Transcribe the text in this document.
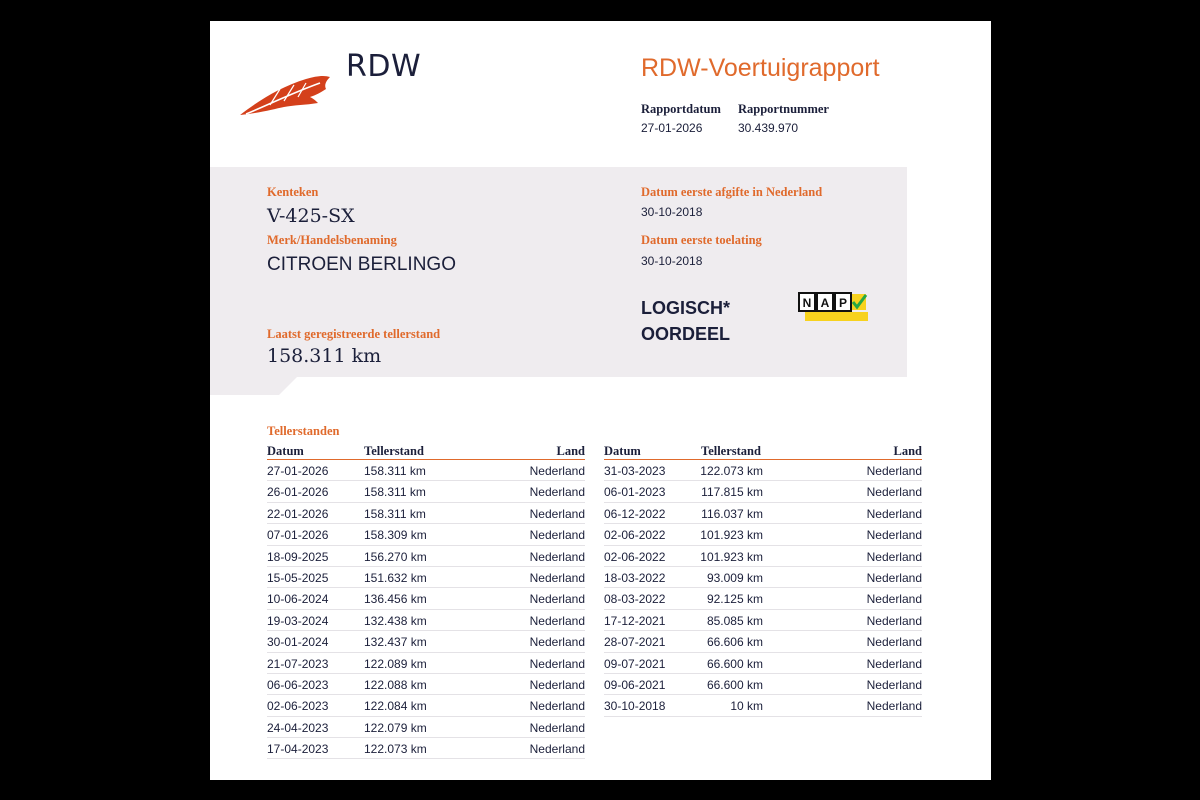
RDW	RDW-Voertuigrapport
Rapportdatum Rapportnummer
27-01-2026	30.439.970
Kenteken
V-425-SX
Merk/Handelsbenaming
CITROEN BERLINGO
Laatst geregistreerde tellerstand
158.311 km
Datum eerste afgifte in Nederland
30-10-2018
Datum eerste toelating
30-10-2018
LOGISCH*
OORDEEL
N A P
Tellerstanden
Datum	Tellerstand	Land
27-01-2026	158.311 km	Nederland
26-01-2026	158.311 km	Nederland
22-01-2026	158.311 km	Nederland
07-01-2026	158.309 km	Nederland
18-09-2025	156.270 km	Nederland
15-05-2025	151.632 km	Nederland
10-06-2024	136.456 km	Nederland
19-03-2024	132.438 km	Nederland
30-01-2024	132.437 km	Nederland
21-07-2023	122.089 km	Nederland
06-06-2023	122.088 km	Nederland
02-06-2023	122.084 km	Nederland
24-04-2023	122.079 km	Nederland
17-04-2023	122.073 km	Nederland
Datum	Tellerstand	Land
31-03-2023	122.073 km	Nederland
06-01-2023	117.815 km	Nederland
06-12-2022	116.037 km	Nederland
02-06-2022	101.923 km	Nederland
02-06-2022	101.923 km	Nederland
18-03-2022	93.009 km	Nederland
08-03-2022	92.125 km	Nederland
17-12-2021	85.085 km	Nederland
28-07-2021	66.606 km	Nederland
09-07-2021	66.600 km	Nederland
09-06-2021	66.600 km	Nederland
30-10-2018	10 km	Nederland
